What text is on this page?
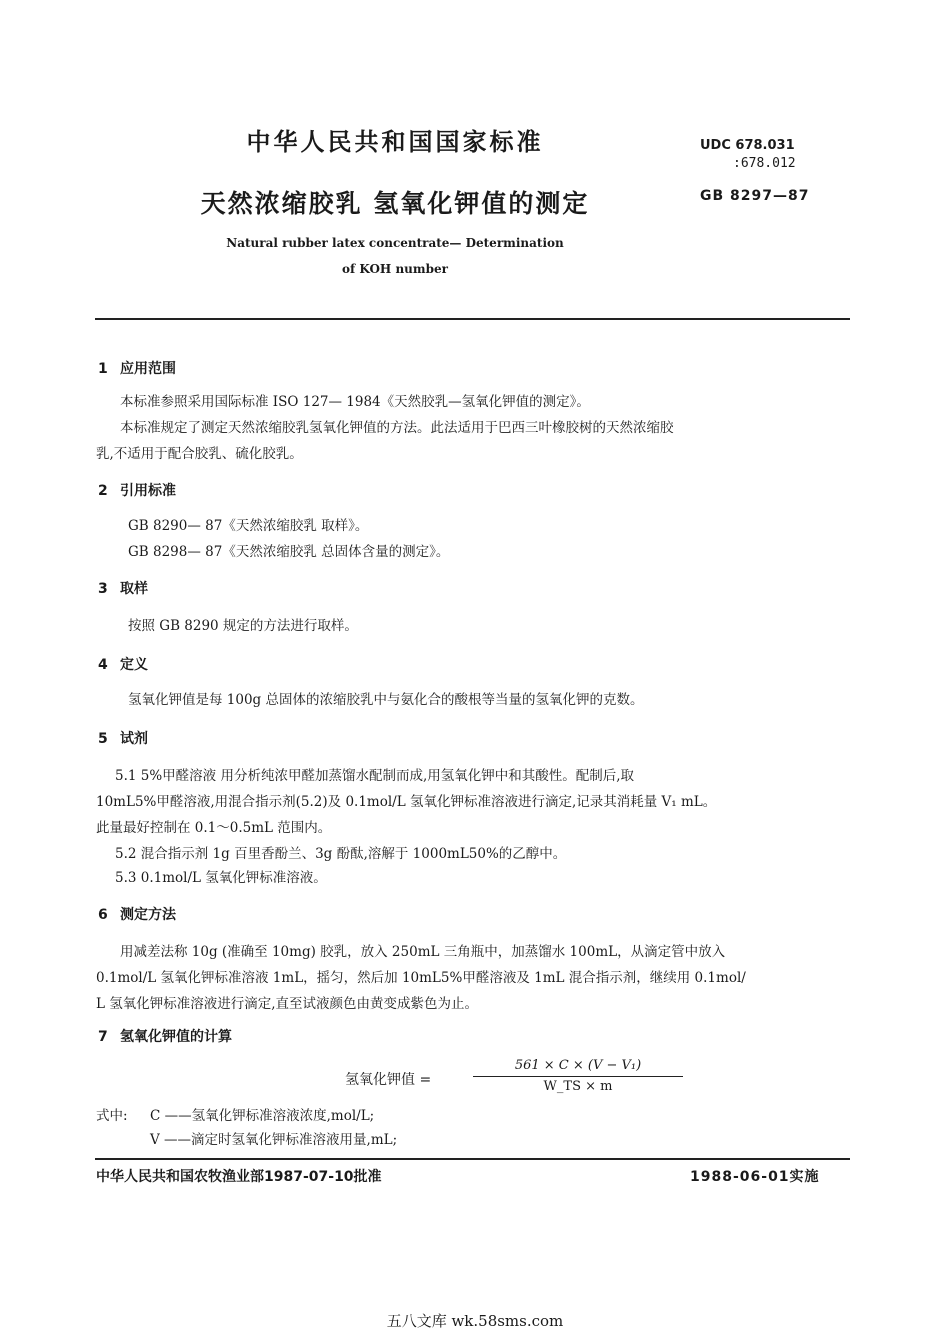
中华人民共和国国家标准	UDC 678.031
:678.012
天然浓缩胶乳 氢氧化钾值的测定	GB 8297—87
Natural rubber latex concentrate— Determination
of KOH number
1 应用范围
本标准参照采用国际标准 ISO 127— 1984《天然胶乳—氢氧化钾值的测定》。
本标准规定了测定天然浓缩胶乳氢氧化钾值的方法。此法适用于巴西三叶橡胶树的天然浓缩胶
乳,不适用于配合胶乳、硫化胶乳。
2 引用标准
GB 8290— 87《天然浓缩胶乳 取样》。
GB 8298— 87《天然浓缩胶乳 总固体含量的测定》。
3 取样
按照 GB 8290 规定的方法进行取样。
4 定义
氢氧化钾值是每 100g 总固体的浓缩胶乳中与氨化合的酸根等当量的氢氧化钾的克数。
5 试剂
5.1 5%甲醛溶液 用分析纯浓甲醛加蒸馏水配制而成,用氢氧化钾中和其酸性。配制后,取
10mL5%甲醛溶液,用混合指示剂(5.2)及 0.1mol/L 氢氧化钾标准溶液进行滴定,记录其消耗量 V₁ mL。
此量最好控制在 0.1～0.5mL 范围内。
5.2 混合指示剂 1g 百里香酚兰、3g 酚酞,溶解于 1000mL50%的乙醇中。
5.3 0.1mol/L 氢氧化钾标准溶液。
6 测定方法
用减差法称 10g (准确至 10mg) 胶乳，放入 250mL 三角瓶中，加蒸馏水 100mL，从滴定管中放入
0.1mol/L 氢氧化钾标准溶液 1mL，摇匀，然后加 10mL5%甲醛溶液及 1mL 混合指示剂，继续用 0.1mol/
L 氢氧化钾标准溶液进行滴定,直至试液颜色由黄变成紫色为止。
7 氢氧化钾值的计算
氢氧化钾值 =
561 × C × (V − V₁)
W_TS × m
式中: C ——氢氧化钾标准溶液浓度,mol/L;
V ——滴定时氢氧化钾标准溶液用量,mL;
中华人民共和国农牧渔业部1987-07-10批准	1988-06-01实施
五八文库 wk.58sms.com
